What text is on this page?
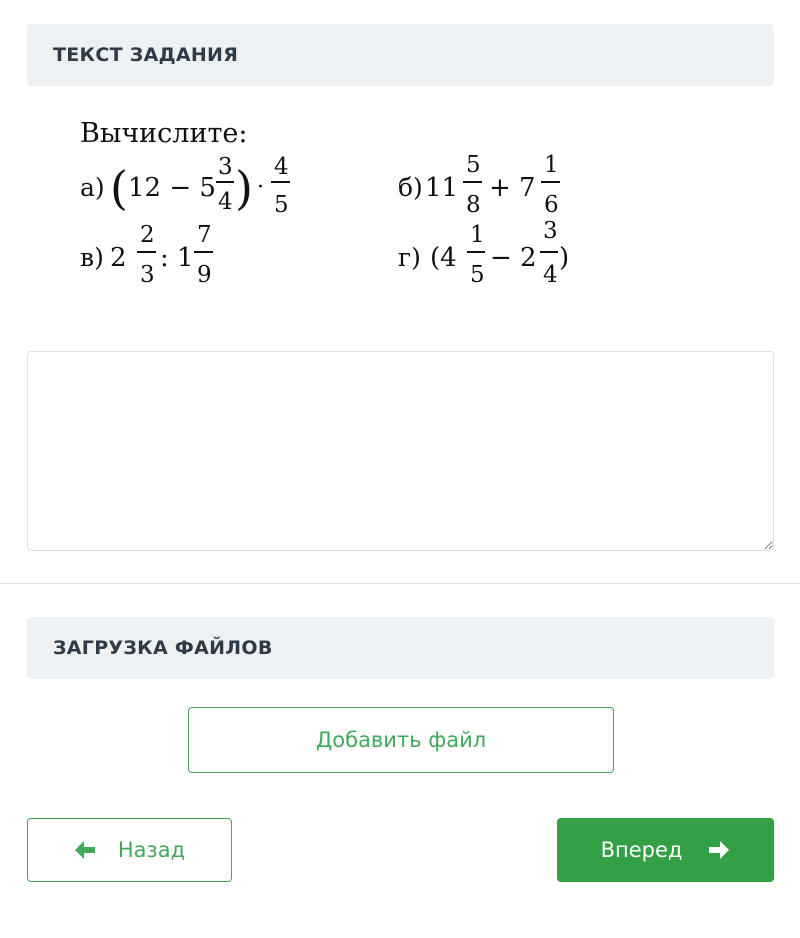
ТЕКСТ ЗАДАНИЯ
Вычислите:
а) ( 12 − 5
3
4 ) ·
4
5
б) 11
5
8
+ 7
1
6
в) 2
2
3
: 1
7
9
г) (4
1
5
− 2
3
4
)
ЗАГРУЗКА ФАЙЛОВ
Добавить файл
Назад	Вперед
